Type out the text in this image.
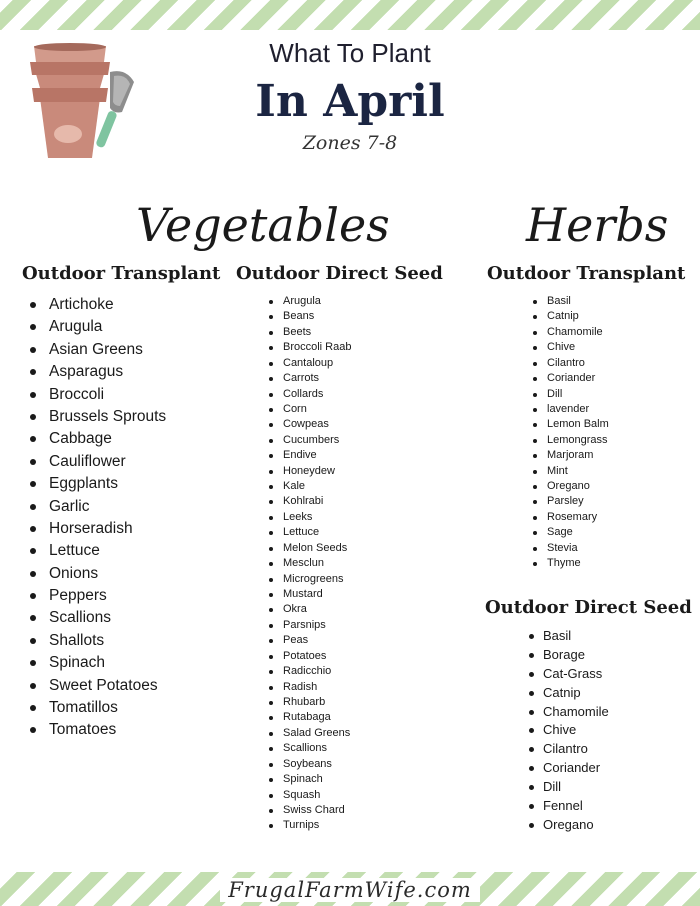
What To Plant
In April
Zones 7-8
Vegetables	Herbs
Outdoor Transplant Outdoor Direct Seed Outdoor Transplant
Outdoor Direct Seed
Artichoke
Arugula
Asian Greens
Asparagus
Broccoli
Brussels Sprouts
Cabbage
Cauliflower
Eggplants
Garlic
Horseradish
Lettuce
Onions
Peppers
Scallions
Shallots
Spinach
Sweet Potatoes
Tomatillos
Tomatoes
Arugula
Beans
Beets
Broccoli Raab
Cantaloup
Carrots
Collards
Corn
Cowpeas
Cucumbers
Endive
Honeydew
Kale
Kohlrabi
Leeks
Lettuce
Melon Seeds
Mesclun
Microgreens
Mustard
Okra
Parsnips
Peas
Potatoes
Radicchio
Radish
Rhubarb
Rutabaga
Salad Greens
Scallions
Soybeans
Spinach
Squash
Swiss Chard
Turnips
Basil
Catnip
Chamomile
Chive
Cilantro
Coriander
Dill
lavender
Lemon Balm
Lemongrass
Marjoram
Mint
Oregano
Parsley
Rosemary
Sage
Stevia
Thyme
Basil
Borage
Cat-Grass
Catnip
Chamomile
Chive
Cilantro
Coriander
Dill
Fennel
Oregano
FrugalFarmWife.com
